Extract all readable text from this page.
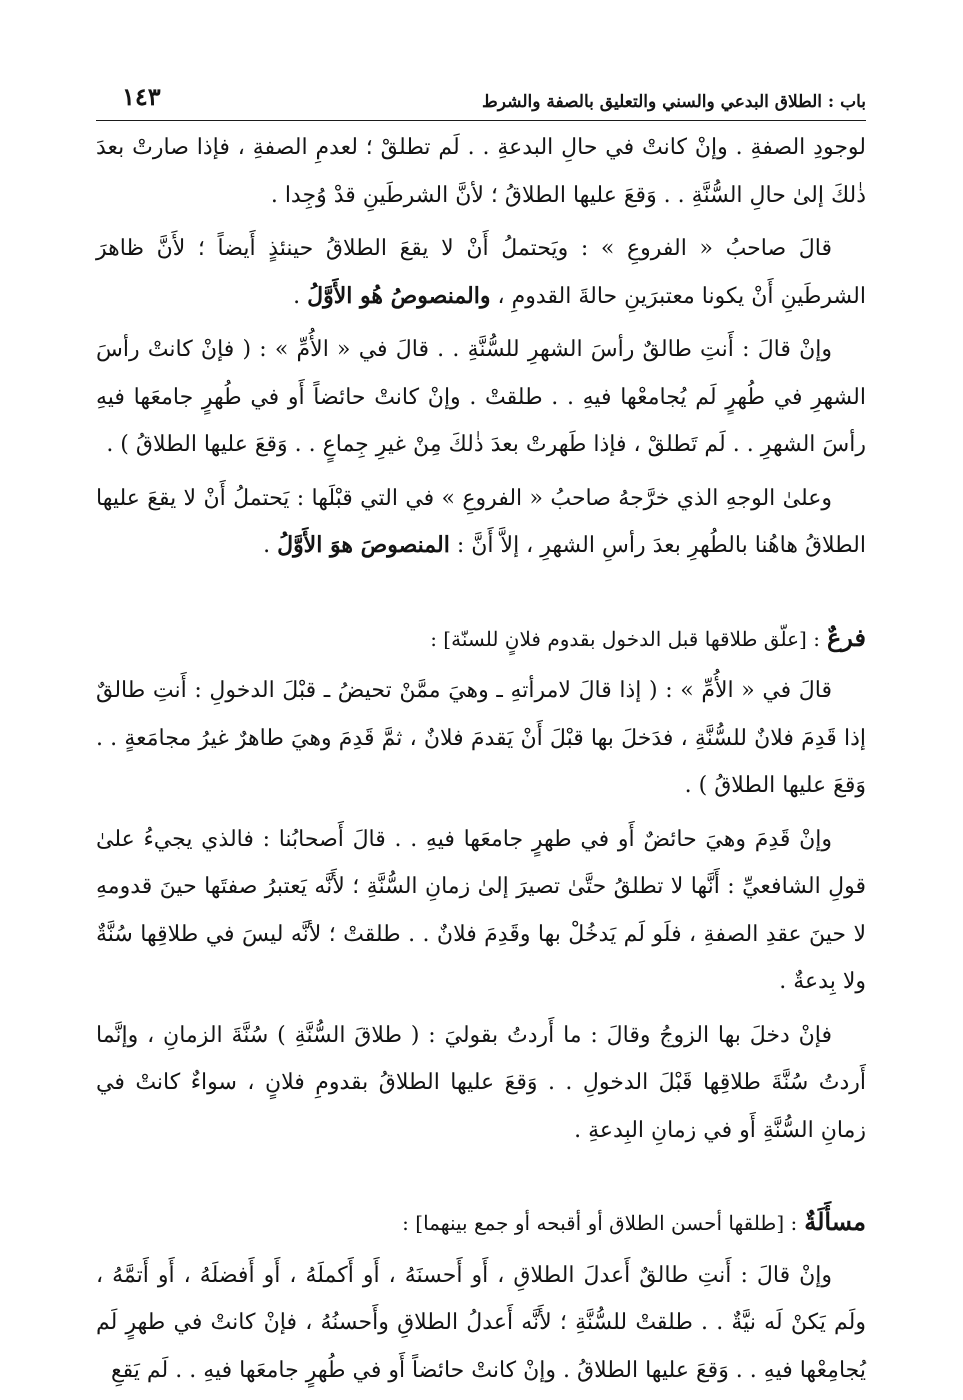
باب : الطلاق البدعي والسني والتعليق بالصفة والشرط
١٤٣

لوجودِ الصفةِ . وإنْ كانتْ في حالِ البدعةِ . . لَم تطلقْ ؛ لعدمِ الصفةِ ، فإذا صارتْ بعدَ ذٰلكَ إلىٰ حالِ السُّنَّةِ . . وَقعَ عليها الطلاقُ ؛ لأنَّ الشرطَينِ قدْ وُجِدا .

قالَ صاحبُ « الفروعِ » : ويَحتملُ أَنْ لا يقعَ الطلاقُ حينئذٍ أَيضاً ؛ لأَنَّ ظاهرَ الشرطَينِ أَنْ يكونا معتبرَينِ حالةَ القدومِ ، والمنصوصُ هُو الأَوَّلُ .

وإنْ قالَ : أَنتِ طالقٌ رأسَ الشهرِ للسُّنَّةِ . . قالَ في « الأُمِّ » : ( فإنْ كانتْ رأسَ الشهرِ في طُهرٍ لَم يُجامعْها فيهِ . . طلقتْ . وإنْ كانتْ حائضاً أَو في طُهرٍ جامعَها فيهِ رأسَ الشهرِ . . لَم تَطلقْ ، فإذا طَهرتْ بعدَ ذٰلكَ مِنْ غيرِ جِماعٍ . . وَقعَ عليها الطلاقُ ) .

وعلىٰ الوجهِ الذي خرَّجهُ صاحبُ « الفروعِ » في التي قبْلَها : يَحتملُ أَنْ لا يقعَ عليها الطلاقُ هاهُنا بالطُهرِ بعدَ رأسِ الشهرِ ، إلاَّ أَنَّ : المنصوصَ هوَ الأَوَّلُ .

فرعٌ : [علّق طلاقها قبل الدخول بقدوم فلانٍ للسنّة] :

قالَ في « الأُمِّ » : ( إذا قالَ لامرأتهِ ـ وهيَ ممَّنْ تحيضُ ـ قبْلَ الدخولِ : أَنتِ طالقٌ إذا قَدِمَ فلانٌ للسُّنَّةِ ، فدَخلَ بها قبْلَ أَنْ يَقدمَ فلانٌ ، ثمَّ قَدِمَ وهيَ طاهرٌ غيرُ مجامَعةٍ . . وَقعَ عليها الطلاقُ ) .

وإنْ قَدِمَ وهيَ حائضٌ أَو في طهرٍ جامعَها فيهِ . . قالَ أَصحابُنا : فالذي يجيءُ علىٰ قولِ الشافعيِّ : أَنَّها لا تطلقُ حتَّىٰ تصيرَ إلىٰ زمانِ السُّنَّةِ ؛ لأَنَّه يَعتبرُ صفتَها حينَ قدومهِ لا حينَ عقدِ الصفةِ ، فلَو لَم يَدخُلْ بها وقَدِمَ فلانٌ . . طلقتْ ؛ لأنَّه ليسَ في طلاقِها سُنَّةٌ ولا بِدعةٌ .

فإنْ دخلَ بها الزوجُ وقالَ : ما أَردتُ بقوليَ : ( طلاقَ السُّنَّةِ ) سُنَّةَ الزمانِ ، وإنَّما أَردتُ سُنَّةَ طلاقِها قَبْلَ الدخولِ . . وَقعَ عليها الطلاقُ بقدومِ فلانٍ ، سواءٌ كانتْ في زمانِ السُّنَّةِ أَو في زمانِ البِدعةِ .

مسأَلَةٌ : [طلقها أحسن الطلاق أو أقبحه أو جمع بينهما] :

وإنْ قالَ : أَنتِ طالقٌ أَعدلَ الطلاقِ ، أَو أَحسنَهُ ، أَو أَكملَهُ ، أَو أَفضلَهُ ، أَو أَتمَّهُ ، ولَم يَكنْ لَه نيَّةٌ . . طلقتْ للسُّنَّةِ ؛ لأَنَّه أَعدلُ الطلاقِ وأَحسنُهُ ، فإنْ كانتْ في طهرٍ لَم يُجامِعْها فيهِ . . وَقعَ عليها الطلاقُ . وإنْ كانتْ حائضاً أَو في طُهرٍ جامعَها فيهِ . . لَم يَقعِ
